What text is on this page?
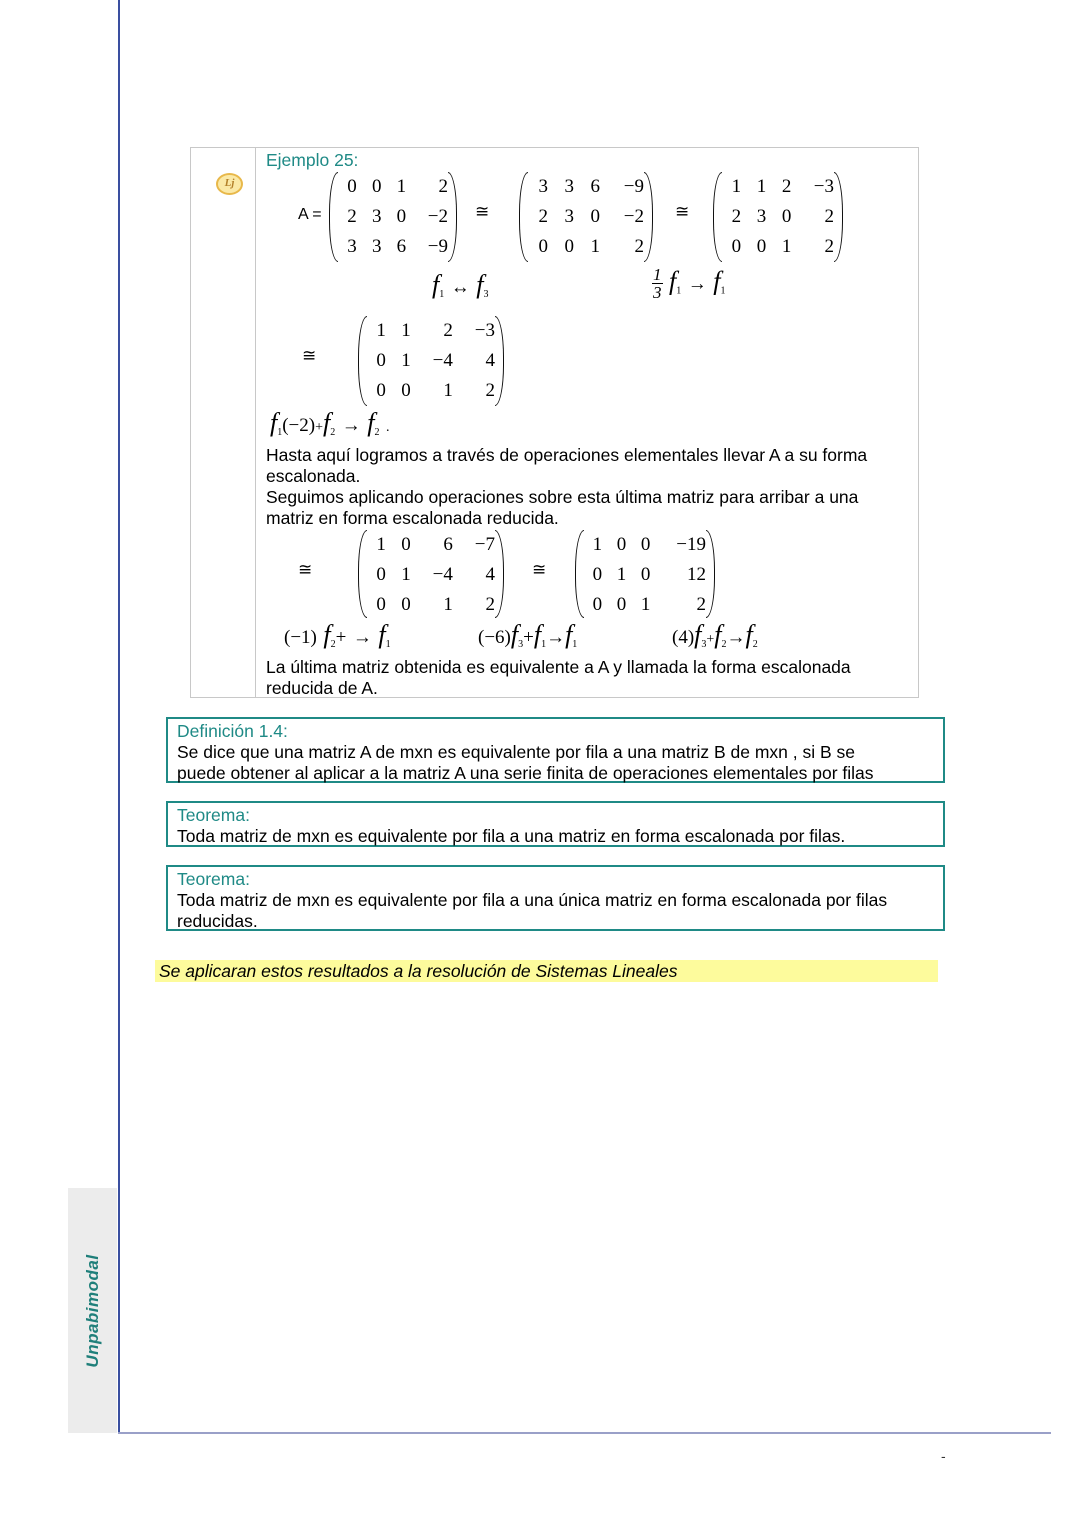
Unpabimodal
-
Lj
Ejemplo 25:
A =
0	0	1	2
2	3	0	−2
3	3	6	−9
≅
3	3	6	−9
2	3	0	−2
0	0	1	2
≅
1	1	2	−3
2	3	0	2
0	0	1	2
$f_1$ ↔ $f_3$	$\frac{1}{3} f_1 \to f_1$
≅
1	1	2	−3
0	1	−4	4
0	0	1	2
$f_1(-2)+f_2 \to f_2$ .
Hasta aquí logramos a través de operaciones elementales llevar A a su forma
escalonada.
Seguimos aplicando operaciones sobre esta última matriz para arribar a una
matriz en forma escalonada reducida.
≅
1	0	6	−7
0	1	−4	4
0	0	1	2
≅
1	0	0	−19
0	1	0	12
0	0	1	2
(−1) $f_2+ \to f_1$	$(-6)f_3+f_1\to f_1$	$(4)f_3+f_2\to f_2$
La última matriz obtenida es equivalente a A y llamada la forma escalonada
reducida de A.
Definición 1.4:
Se dice que una matriz A de mxn es equivalente por fila a una matriz B de mxn , si B se
puede obtener al aplicar a la matriz A una serie finita de operaciones elementales por filas
Teorema:
Toda matriz de mxn es equivalente por fila a una matriz en forma escalonada por filas.
Teorema:
Toda matriz de mxn es equivalente por fila a una única matriz en forma escalonada por filas
reducidas.
Se aplicaran estos resultados a la resolución de Sistemas Lineales
